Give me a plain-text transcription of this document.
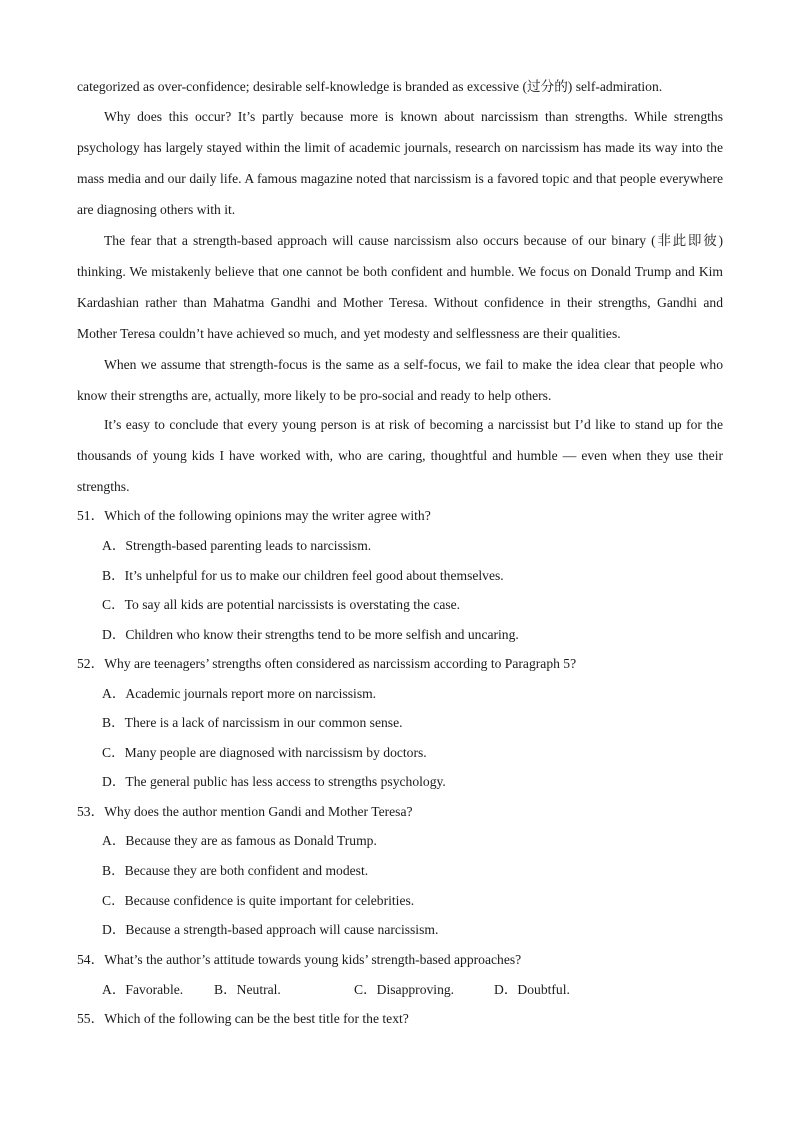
categorized as over-confidence; desirable self-knowledge is branded as excessive (过分的) self-admiration.

Why does this occur? It’s partly because more is known about narcissism than strengths. While strengths psychology has largely stayed within the limit of academic journals, research on narcissism has made its way into the mass media and our daily life. A famous magazine noted that narcissism is a favored topic and that people everywhere are diagnosing others with it.

The fear that a strength-based approach will cause narcissism also occurs because of our binary (非此即彼) thinking. We mistakenly believe that one cannot be both confident and humble. We focus on Donald Trump and Kim Kardashian rather than Mahatma Gandhi and Mother Teresa. Without confidence in their strengths, Gandhi and Mother Teresa couldn’t have achieved so much, and yet modesty and selflessness are their qualities.

When we assume that strength-focus is the same as a self-focus, we fail to make the idea clear that people who know their strengths are, actually, more likely to be pro-social and ready to help others.

It’s easy to conclude that every young person is at risk of becoming a narcissist but I’d like to stand up for the thousands of young kids I have worked with, who are caring, thoughtful and humble — even when they use their strengths.

51．Which of the following opinions may the writer agree with?
A．Strength-based parenting leads to narcissism.
B．It’s unhelpful for us to make our children feel good about themselves.
C．To say all kids are potential narcissists is overstating the case.
D．Children who know their strengths tend to be more selfish and uncaring.
52．Why are teenagers’ strengths often considered as narcissism according to Paragraph 5?
A．Academic journals report more on narcissism.
B．There is a lack of narcissism in our common sense.
C．Many people are diagnosed with narcissism by doctors.
D．The general public has less access to strengths psychology.
53．Why does the author mention Gandi and Mother Teresa?
A．Because they are as famous as Donald Trump.
B．Because they are both confident and modest.
C．Because confidence is quite important for celebrities.
D．Because a strength-based approach will cause narcissism.
54．What’s the author’s attitude towards young kids’ strength-based approaches?
A．Favorable. B．Neutral.	C．Disapproving.	D．Doubtful.
55．Which of the following can be the best title for the text?
